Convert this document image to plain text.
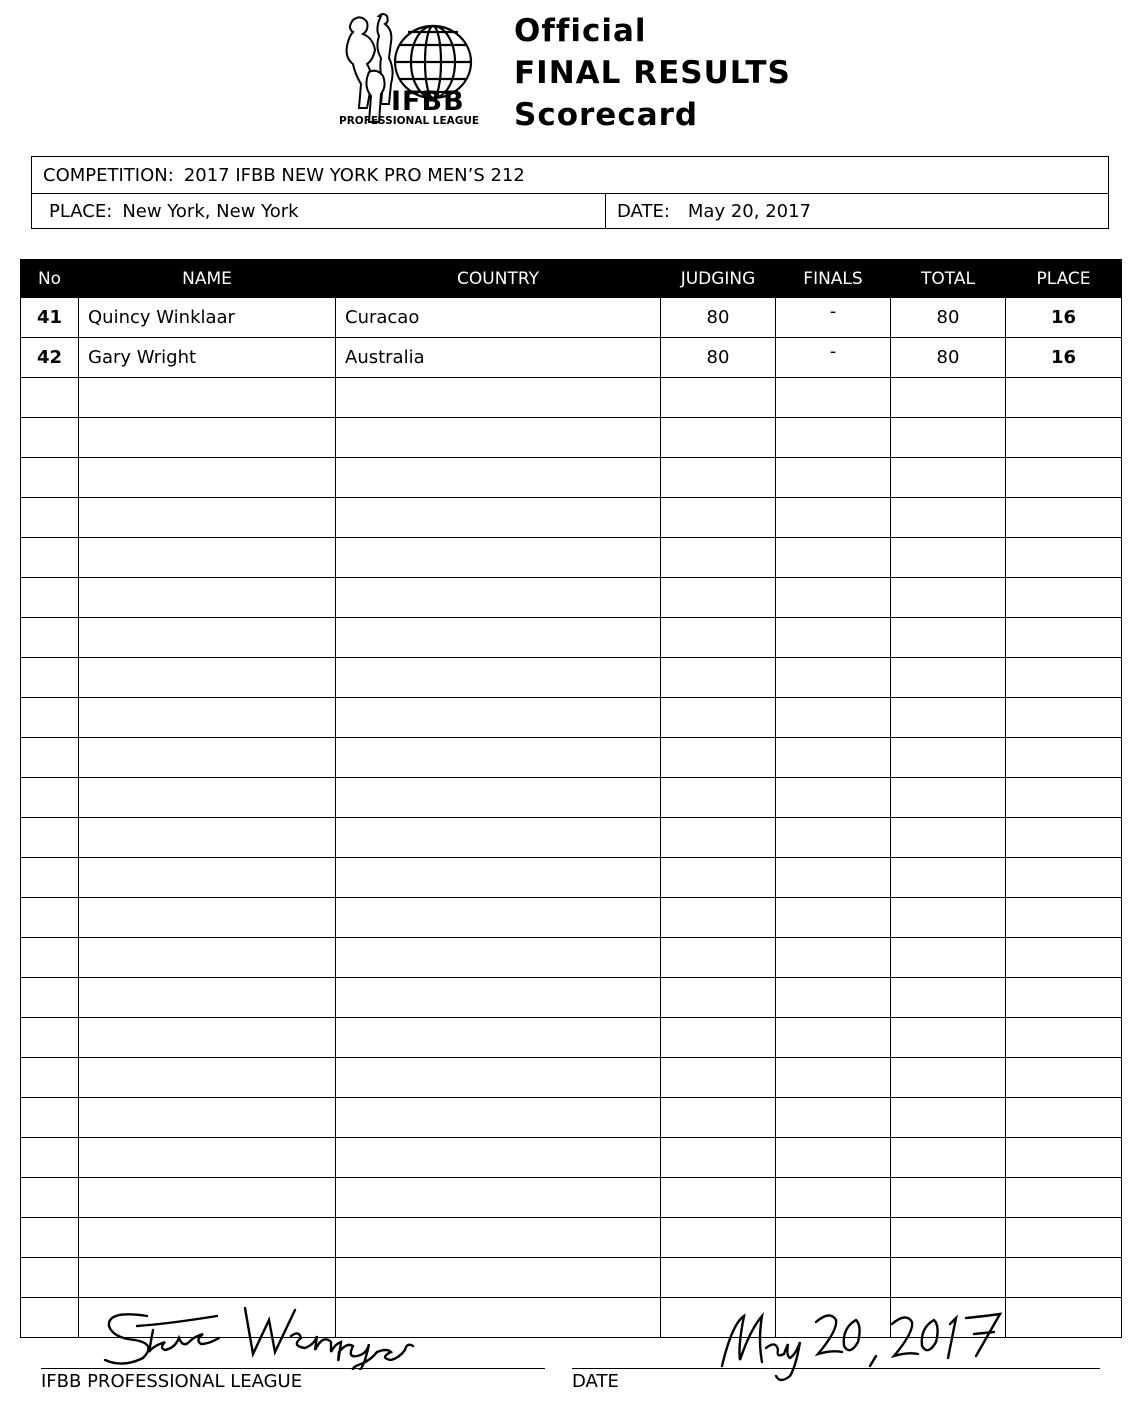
IFBB
PROFESSIONAL LEAGUE
Official
FINAL RESULTS
Scorecard
COMPETITION: 2017 IFBB NEW YORK PRO MEN’S 212
PLACE: New York, New York	DATE: May 20, 2017
No	NAME	COUNTRY	JUDGING	FINALS	TOTAL	PLACE
41	Quincy Winklaar	Curacao	80	-	80	16
42	Gary Wright	Australia	80	-	80	16

IFBB PROFESSIONAL LEAGUE	DATE
